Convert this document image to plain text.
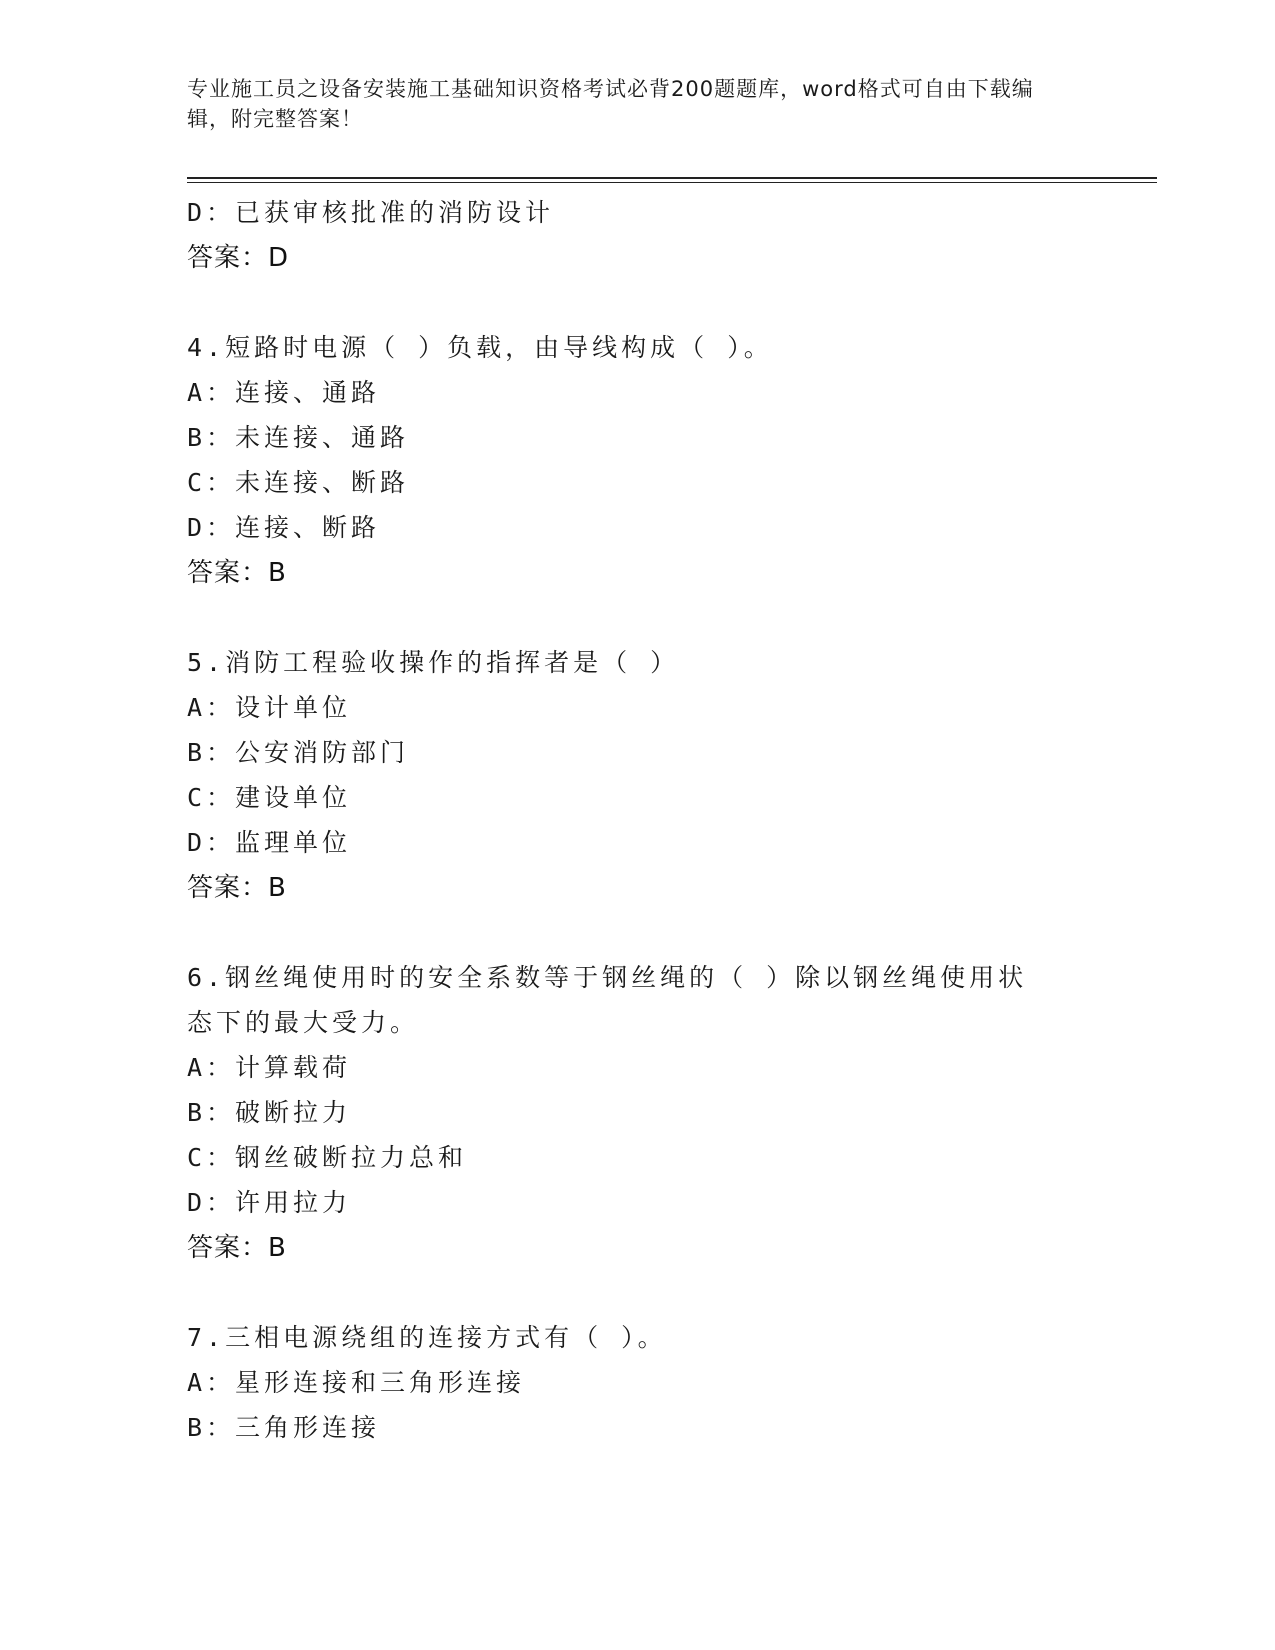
专业施工员之设备安装施工基础知识资格考试必背200题题库，word格式可自由下载编辑，附完整答案！
D：已获审核批准的消防设计
答案：D
4.短路时电源（ ）负载，由导线构成（ ）。
A：连接、通路
B：未连接、通路
C：未连接、断路
D：连接、断路
答案：B
5.消防工程验收操作的指挥者是（ ）
A：设计单位
B：公安消防部门
C：建设单位
D：监理单位
答案：B
6.钢丝绳使用时的安全系数等于钢丝绳的（ ）除以钢丝绳使用状态下的最大受力。
A：计算载荷
B：破断拉力
C：钢丝破断拉力总和
D：许用拉力
答案：B
7.三相电源绕组的连接方式有（ ）。
A：星形连接和三角形连接
B：三角形连接
